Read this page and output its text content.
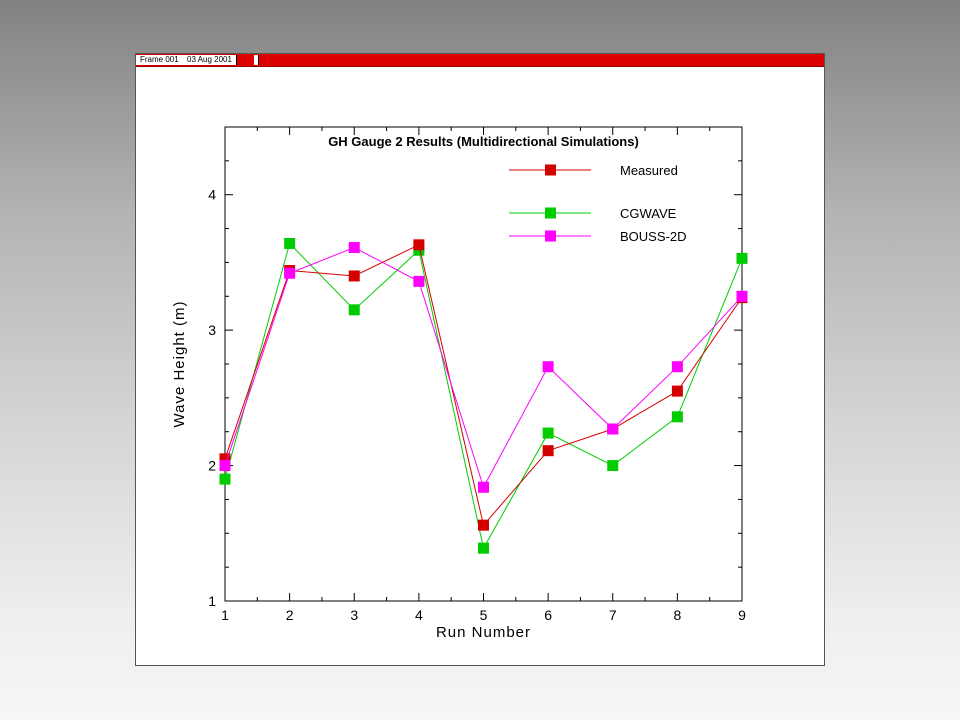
Frame 001	03 Aug 2001
GH Gauge 2 Results (Multidirectional Simulations)
Run Number
Wave Height (m)
1	2	3	4	5	6	7	8	9
1
2
3
4
Measured
CGWAVE
BOUSS-2D
